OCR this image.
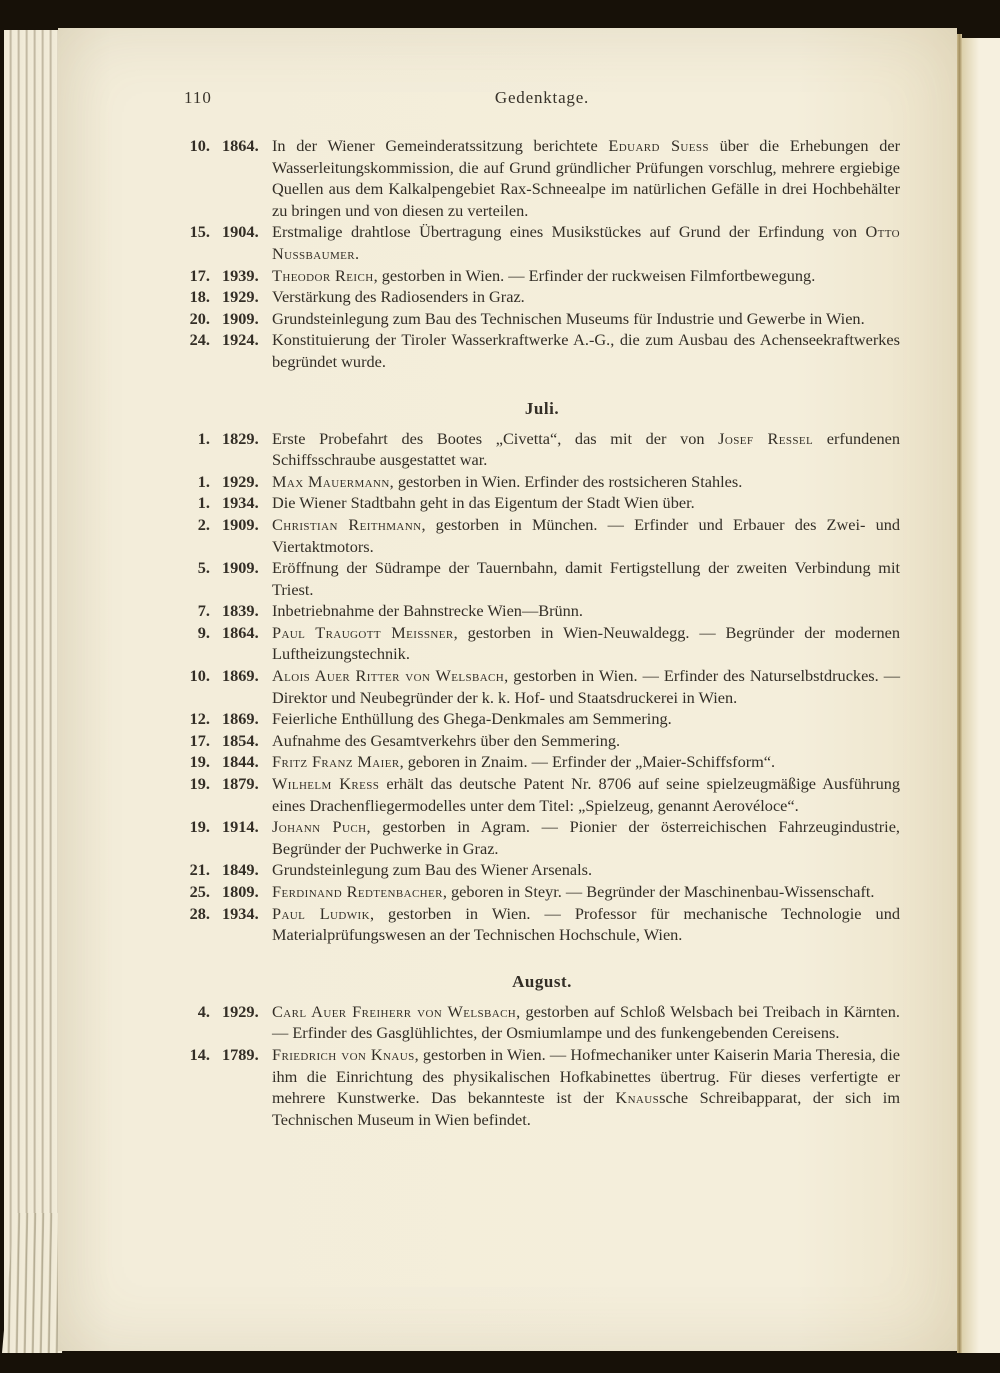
110	Gedenktage.
10. 1864. In der Wiener Gemeinderatssitzung berichtete Eduard Suess über die Erhebungen der Wasserleitungskommission, die auf Grund gründlicher Prüfungen vorschlug, mehrere ergiebige Quellen aus dem Kalkalpengebiet Rax-Schneealpe im natürlichen Gefälle in drei Hochbehälter zu bringen und von diesen zu verteilen.
15. 1904. Erstmalige drahtlose Übertragung eines Musikstückes auf Grund der Erfindung von Otto Nussbaumer.
17. 1939. Theodor Reich, gestorben in Wien. — Erfinder der ruckweisen Filmfortbewegung.
18. 1929. Verstärkung des Radiosenders in Graz.
20. 1909. Grundsteinlegung zum Bau des Technischen Museums für Industrie und Gewerbe in Wien.
24. 1924. Konstituierung der Tiroler Wasserkraftwerke A.-G., die zum Ausbau des Achenseekraftwerkes begründet wurde.
Juli.
1. 1829. Erste Probefahrt des Bootes „Civetta“, das mit der von Josef Ressel erfundenen Schiffsschraube ausgestattet war.
1. 1929. Max Mauermann, gestorben in Wien. Erfinder des rostsicheren Stahles.
1. 1934. Die Wiener Stadtbahn geht in das Eigentum der Stadt Wien über.
2. 1909. Christian Reithmann, gestorben in München. — Erfinder und Erbauer des Zwei- und Viertaktmotors.
5. 1909. Eröffnung der Südrampe der Tauernbahn, damit Fertigstellung der zweiten Verbindung mit Triest.
7. 1839. Inbetriebnahme der Bahnstrecke Wien—Brünn.
9. 1864. Paul Traugott Meissner, gestorben in Wien-Neuwaldegg. — Begründer der modernen Luftheizungstechnik.
10. 1869. Alois Auer Ritter von Welsbach, gestorben in Wien. — Erfinder des Naturselbstdruckes. — Direktor und Neubegründer der k. k. Hof- und Staatsdruckerei in Wien.
12. 1869. Feierliche Enthüllung des Ghega-Denkmales am Semmering.
17. 1854. Aufnahme des Gesamtverkehrs über den Semmering.
19. 1844. Fritz Franz Maier, geboren in Znaim. — Erfinder der „Maier-Schiffsform“.
19. 1879. Wilhelm Kress erhält das deutsche Patent Nr. 8706 auf seine spielzeugmäßige Ausführung eines Drachenfliegermodelles unter dem Titel: „Spielzeug, genannt Aerovéloce“.
19. 1914. Johann Puch, gestorben in Agram. — Pionier der österreichischen Fahrzeugindustrie, Begründer der Puchwerke in Graz.
21. 1849. Grundsteinlegung zum Bau des Wiener Arsenals.
25. 1809. Ferdinand Redtenbacher, geboren in Steyr. — Begründer der Maschinenbau-Wissenschaft.
28. 1934. Paul Ludwik, gestorben in Wien. — Professor für mechanische Technologie und Materialprüfungswesen an der Technischen Hochschule, Wien.
August.
4. 1929. Carl Auer Freiherr von Welsbach, gestorben auf Schloß Welsbach bei Treibach in Kärnten. — Erfinder des Gasglühlichtes, der Osmiumlampe und des funkengebenden Cereisens.
14. 1789. Friedrich von Knaus, gestorben in Wien. — Hofmechaniker unter Kaiserin Maria Theresia, die ihm die Einrichtung des physikalischen Hofkabinettes übertrug. Für dieses verfertigte er mehrere Kunstwerke. Das bekannteste ist der Knaussche Schreibapparat, der sich im Technischen Museum in Wien befindet.
